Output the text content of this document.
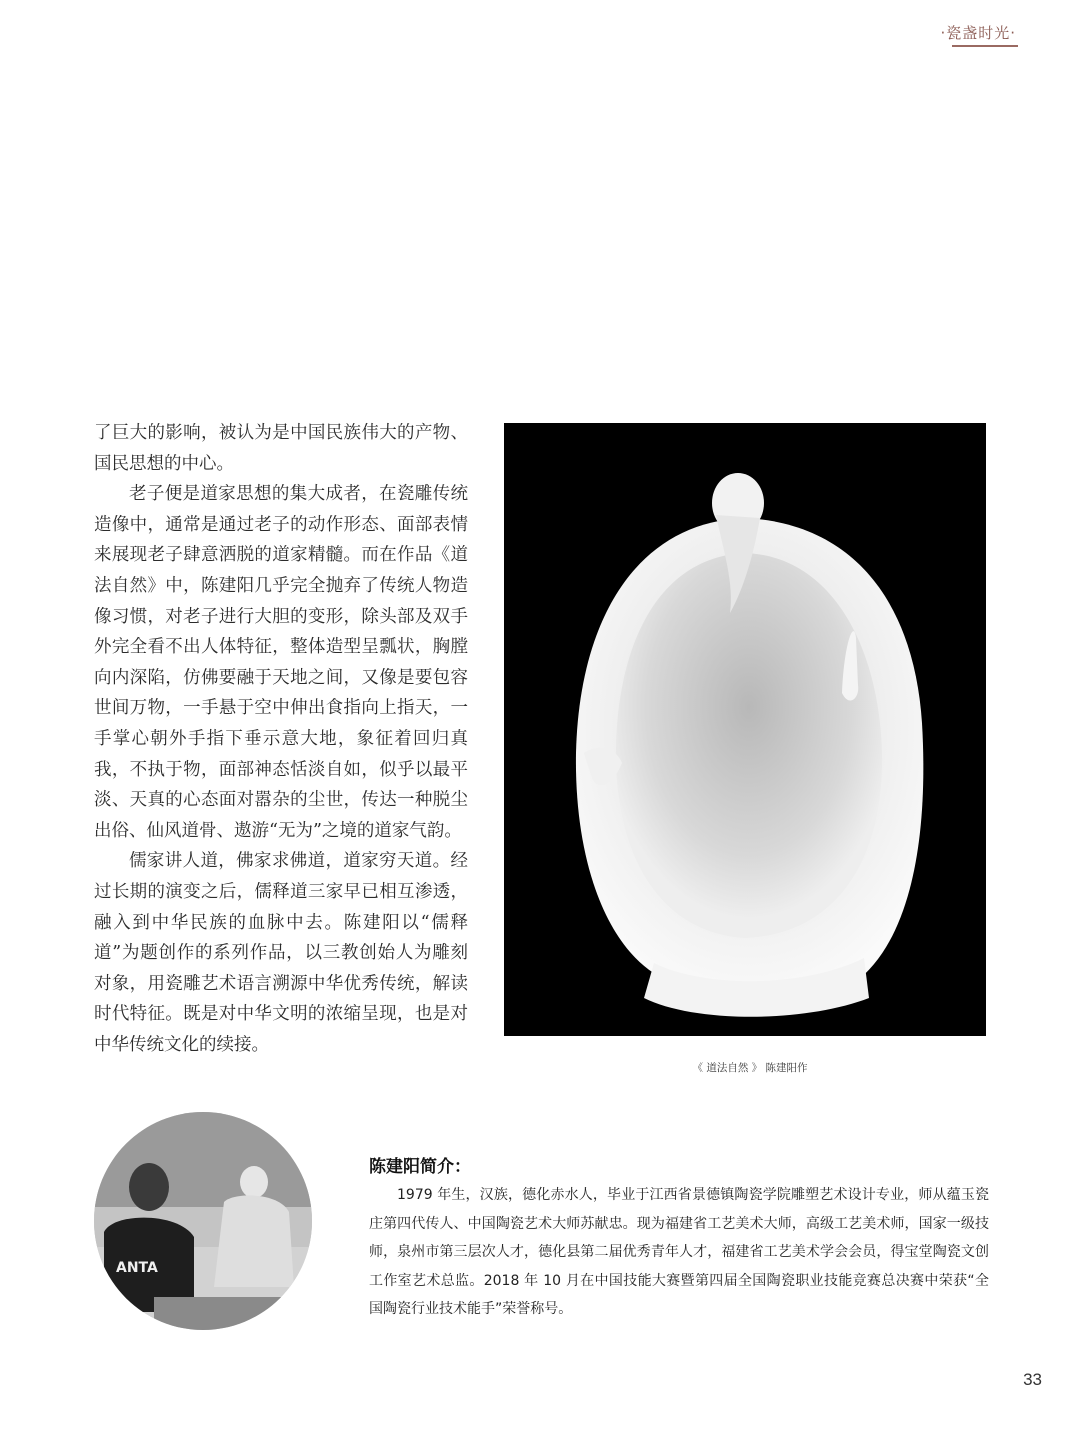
·瓷盏时光·

了巨大的影响，被认为是中国民族伟大的产物、国民思想的中心。

老子便是道家思想的集大成者，在瓷雕传统造像中，通常是通过老子的动作形态、面部表情来展现老子肆意洒脱的道家精髓。而在作品《道法自然》中，陈建阳几乎完全抛弃了传统人物造像习惯，对老子进行大胆的变形，除头部及双手外完全看不出人体特征，整体造型呈瓢状，胸膛向内深陷，仿佛要融于天地之间，又像是要包容世间万物，一手悬于空中伸出食指向上指天，一手掌心朝外手指下垂示意大地，象征着回归真我，不执于物，面部神态恬淡自如，似乎以最平淡、天真的心态面对嚣杂的尘世，传达一种脱尘出俗、仙风道骨、遨游“无为”之境的道家气韵。

儒家讲人道，佛家求佛道，道家穷天道。经过长期的演变之后，儒释道三家早已相互渗透，融入到中华民族的血脉中去。陈建阳以“儒释道”为题创作的系列作品，以三教创始人为雕刻对象，用瓷雕艺术语言溯源中华优秀传统，解读时代特征。既是对中华文明的浓缩呈现，也是对中华传统文化的续接。

《 道法自然 》 陈建阳作
ANTA
陈建阳简介：

1979 年生，汉族，德化赤水人，毕业于江西省景德镇陶瓷学院雕塑艺术设计专业，师从蕴玉瓷庄第四代传人、中国陶瓷艺术大师苏献忠。现为福建省工艺美术大师，高级工艺美术师，国家一级技师，泉州市第三层次人才，德化县第二届优秀青年人才，福建省工艺美术学会会员，得宝堂陶瓷文创工作室艺术总监。2018 年 10 月在中国技能大赛暨第四届全国陶瓷职业技能竞赛总决赛中荣获“全国陶瓷行业技术能手”荣誉称号。

33
